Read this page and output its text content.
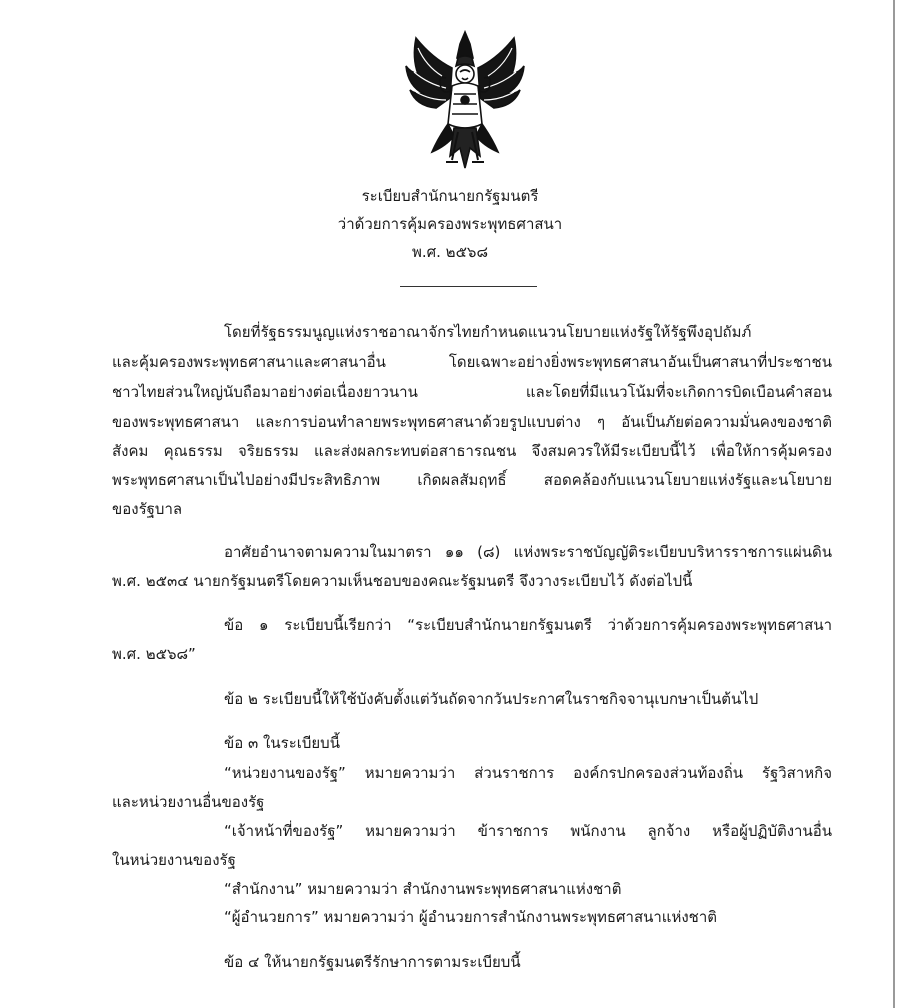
ระเบียบสำนักนายกรัฐมนตรี
ว่าด้วยการคุ้มครองพระพุทธศาสนา
พ.ศ. ๒๕๖๘
โดยที่รัฐธรรมนูญแห่งราชอาณาจักรไทยกำหนดแนวนโยบายแห่งรัฐให้รัฐพึงอุปถัมภ์
และคุ้มครองพระพุทธศาสนาและศาสนาอื่น โดยเฉพาะอย่างยิ่งพระพุทธศาสนาอันเป็นศาสนาที่ประชาชน
ชาวไทยส่วนใหญ่นับถือมาอย่างต่อเนื่องยาวนาน และโดยที่มีแนวโน้มที่จะเกิดการบิดเบือนคำสอน
ของพระพุทธศาสนา และการบ่อนทำลายพระพุทธศาสนาด้วยรูปแบบต่าง ๆ อันเป็นภัยต่อความมั่นคงของชาติ
สังคม คุณธรรม จริยธรรม และส่งผลกระทบต่อสาธารณชน จึงสมควรให้มีระเบียบนี้ไว้ เพื่อให้การคุ้มครอง
พระพุทธศาสนาเป็นไปอย่างมีประสิทธิภาพ เกิดผลสัมฤทธิ์ สอดคล้องกับแนวนโยบายแห่งรัฐและนโยบาย
ของรัฐบาล
อาศัยอำนาจตามความในมาตรา ๑๑ (๘) แห่งพระราชบัญญัติระเบียบบริหารราชการแผ่นดิน
พ.ศ. ๒๕๓๔ นายกรัฐมนตรีโดยความเห็นชอบของคณะรัฐมนตรี จึงวางระเบียบไว้ ดังต่อไปนี้
ข้อ ๑ ระเบียบนี้เรียกว่า “ระเบียบสำนักนายกรัฐมนตรี ว่าด้วยการคุ้มครองพระพุทธศาสนา
พ.ศ. ๒๕๖๘”
ข้อ ๒ ระเบียบนี้ให้ใช้บังคับตั้งแต่วันถัดจากวันประกาศในราชกิจจานุเบกษาเป็นต้นไป
ข้อ ๓ ในระเบียบนี้
“หน่วยงานของรัฐ” หมายความว่า ส่วนราชการ องค์กรปกครองส่วนท้องถิ่น รัฐวิสาหกิจ
และหน่วยงานอื่นของรัฐ
“เจ้าหน้าที่ของรัฐ” หมายความว่า ข้าราชการ พนักงาน ลูกจ้าง หรือผู้ปฏิบัติงานอื่น
ในหน่วยงานของรัฐ
“สำนักงาน” หมายความว่า สำนักงานพระพุทธศาสนาแห่งชาติ
“ผู้อำนวยการ” หมายความว่า ผู้อำนวยการสำนักงานพระพุทธศาสนาแห่งชาติ
ข้อ ๔ ให้นายกรัฐมนตรีรักษาการตามระเบียบนี้
